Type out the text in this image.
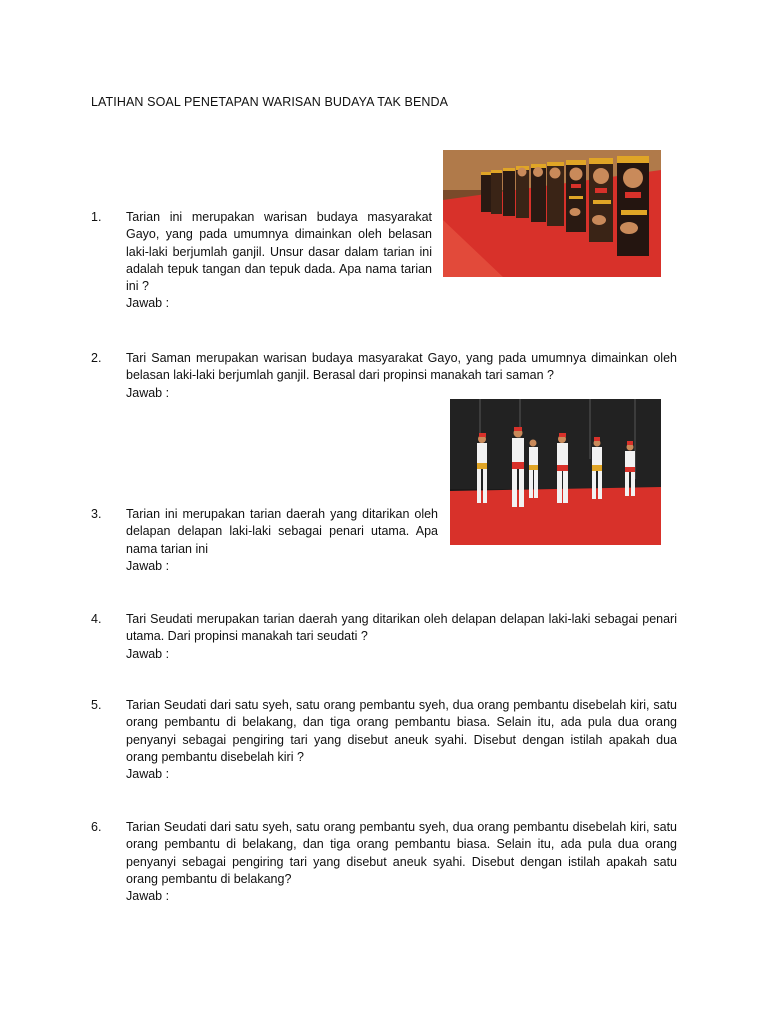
LATIHAN SOAL PENETAPAN WARISAN BUDAYA TAK BENDA
1. Tarian ini merupakan warisan budaya masyarakat Gayo, yang pada umumnya dimainkan oleh belasan laki-laki berjumlah ganjil. Unsur dasar dalam tarian ini adalah tepuk tangan dan tepuk dada. Apa nama tarian ini ?
Jawab :
2. Tari Saman merupakan warisan budaya masyarakat Gayo, yang pada umumnya dimainkan oleh belasan laki-laki berjumlah ganjil. Berasal dari propinsi manakah tari saman ?
Jawab :
3. Tarian ini merupakan tarian daerah yang ditarikan oleh delapan delapan laki-laki sebagai penari utama. Apa nama tarian ini
Jawab :
4. Tari Seudati merupakan tarian daerah yang ditarikan oleh delapan delapan laki-laki sebagai penari utama. Dari propinsi manakah tari seudati ?
Jawab :
5. Tarian Seudati dari satu syeh, satu orang pembantu syeh, dua orang pembantu disebelah kiri, satu orang pembantu di belakang, dan tiga orang pembantu biasa. Selain itu, ada pula dua orang penyanyi sebagai pengiring tari yang disebut aneuk syahi. Disebut dengan istilah apakah dua orang pembantu disebelah kiri ?
Jawab :
6. Tarian Seudati dari satu syeh, satu orang pembantu syeh, dua orang pembantu disebelah kiri, satu orang pembantu di belakang, dan tiga orang pembantu biasa. Selain itu, ada pula dua orang penyanyi sebagai pengiring tari yang disebut aneuk syahi. Disebut dengan istilah apakah satu orang pembantu di belakang?
Jawab :
